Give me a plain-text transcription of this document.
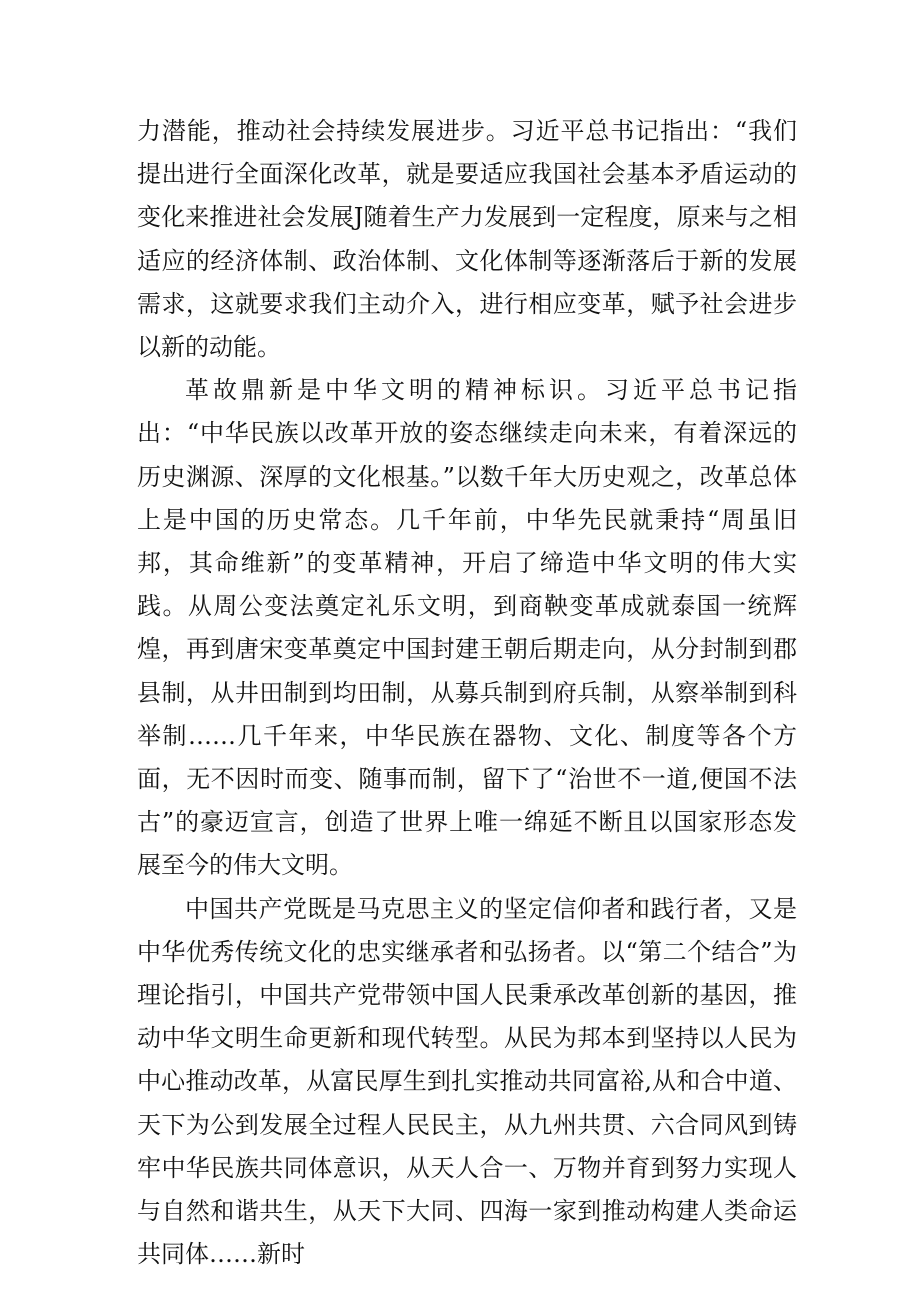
力潜能，推动社会持续发展进步。习近平总书记指出：“我们提出进行全面深化改革，就是要适应我国社会基本矛盾运动的变化来推进社会发展J随着生产力发展到一定程度，原来与之相适应的经济体制、政治体制、文化体制等逐渐落后于新的发展需求，这就要求我们主动介入，进行相应变革，赋予社会进步以新的动能。

革故鼎新是中华文明的精神标识。习近平总书记指出：“中华民族以改革开放的姿态继续走向未来，有着深远的历史渊源、深厚的文化根基。”以数千年大历史观之，改革总体上是中国的历史常态。几千年前，中华先民就秉持“周虽旧邦，其命维新”的变革精神，开启了缔造中华文明的伟大实践。从周公变法奠定礼乐文明，到商鞅变革成就泰国一统辉煌，再到唐宋变革奠定中国封建王朝后期走向，从分封制到郡县制，从井田制到均田制，从募兵制到府兵制，从察举制到科举制……几千年来，中华民族在器物、文化、制度等各个方面，无不因时而变、随事而制，留下了“治世不一道,便国不法古”的豪迈宣言，创造了世界上唯一绵延不断且以国家形态发展至今的伟大文明。

中国共产党既是马克思主义的坚定信仰者和践行者，又是中华优秀传统文化的忠实继承者和弘扬者。以“第二个结合”为理论指引，中国共产党带领中国人民秉承改革创新的基因，推动中华文明生命更新和现代转型。从民为邦本到坚持以人民为中心推动改革，从富民厚生到扎实推动共同富裕,从和合中道、天下为公到发展全过程人民民主，从九州共贯、六合同风到铸牢中华民族共同体意识，从天人合一、万物并育到努力实现人与自然和谐共生，从天下大同、四海一家到推动构建人类命运共同体……新时
